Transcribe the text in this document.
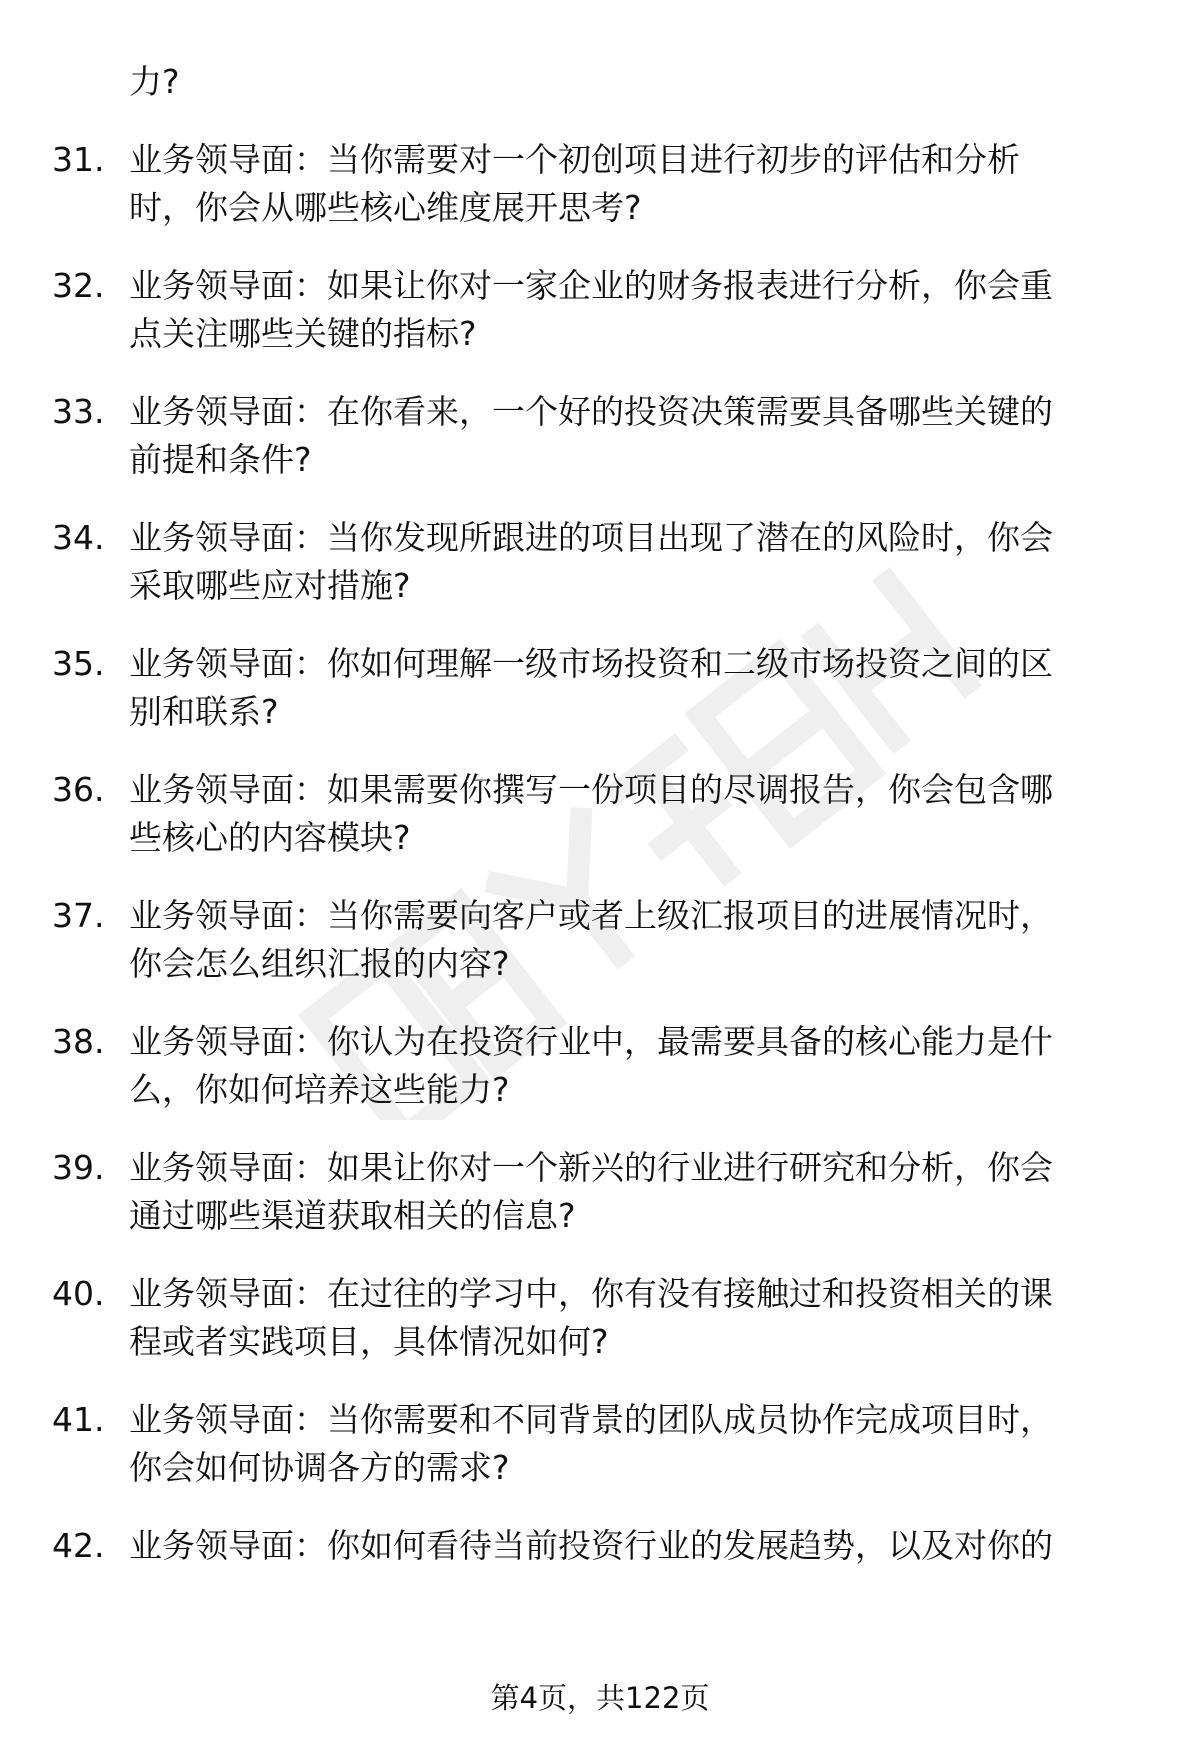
力?
31. 业务领导面：当你需要对一个初创项目进行初步的评估和分析
时，你会从哪些核心维度展开思考?
32. 业务领导面：如果让你对一家企业的财务报表进行分析，你会重
点关注哪些关键的指标?
33. 业务领导面：在你看来，一个好的投资决策需要具备哪些关键的
前提和条件?
34. 业务领导面：当你发现所跟进的项目出现了潜在的风险时，你会
采取哪些应对措施?
35. 业务领导面：你如何理解一级市场投资和二级市场投资之间的区
别和联系?
36. 业务领导面：如果需要你撰写一份项目的尽调报告，你会包含哪
些核心的内容模块?
37. 业务领导面：当你需要向客户或者上级汇报项目的进展情况时，
你会怎么组织汇报的内容?
38. 业务领导面：你认为在投资行业中，最需要具备的核心能力是什
么，你如何培养这些能力?
39. 业务领导面：如果让你对一个新兴的行业进行研究和分析，你会
通过哪些渠道获取相关的信息?
40. 业务领导面：在过往的学习中，你有没有接触过和投资相关的课
程或者实践项目，具体情况如何?
41. 业务领导面：当你需要和不同背景的团队成员协作完成项目时，
你会如何协调各方的需求?
42. 业务领导面：你如何看待当前投资行业的发展趋势，以及对你的
第4页，共122页
